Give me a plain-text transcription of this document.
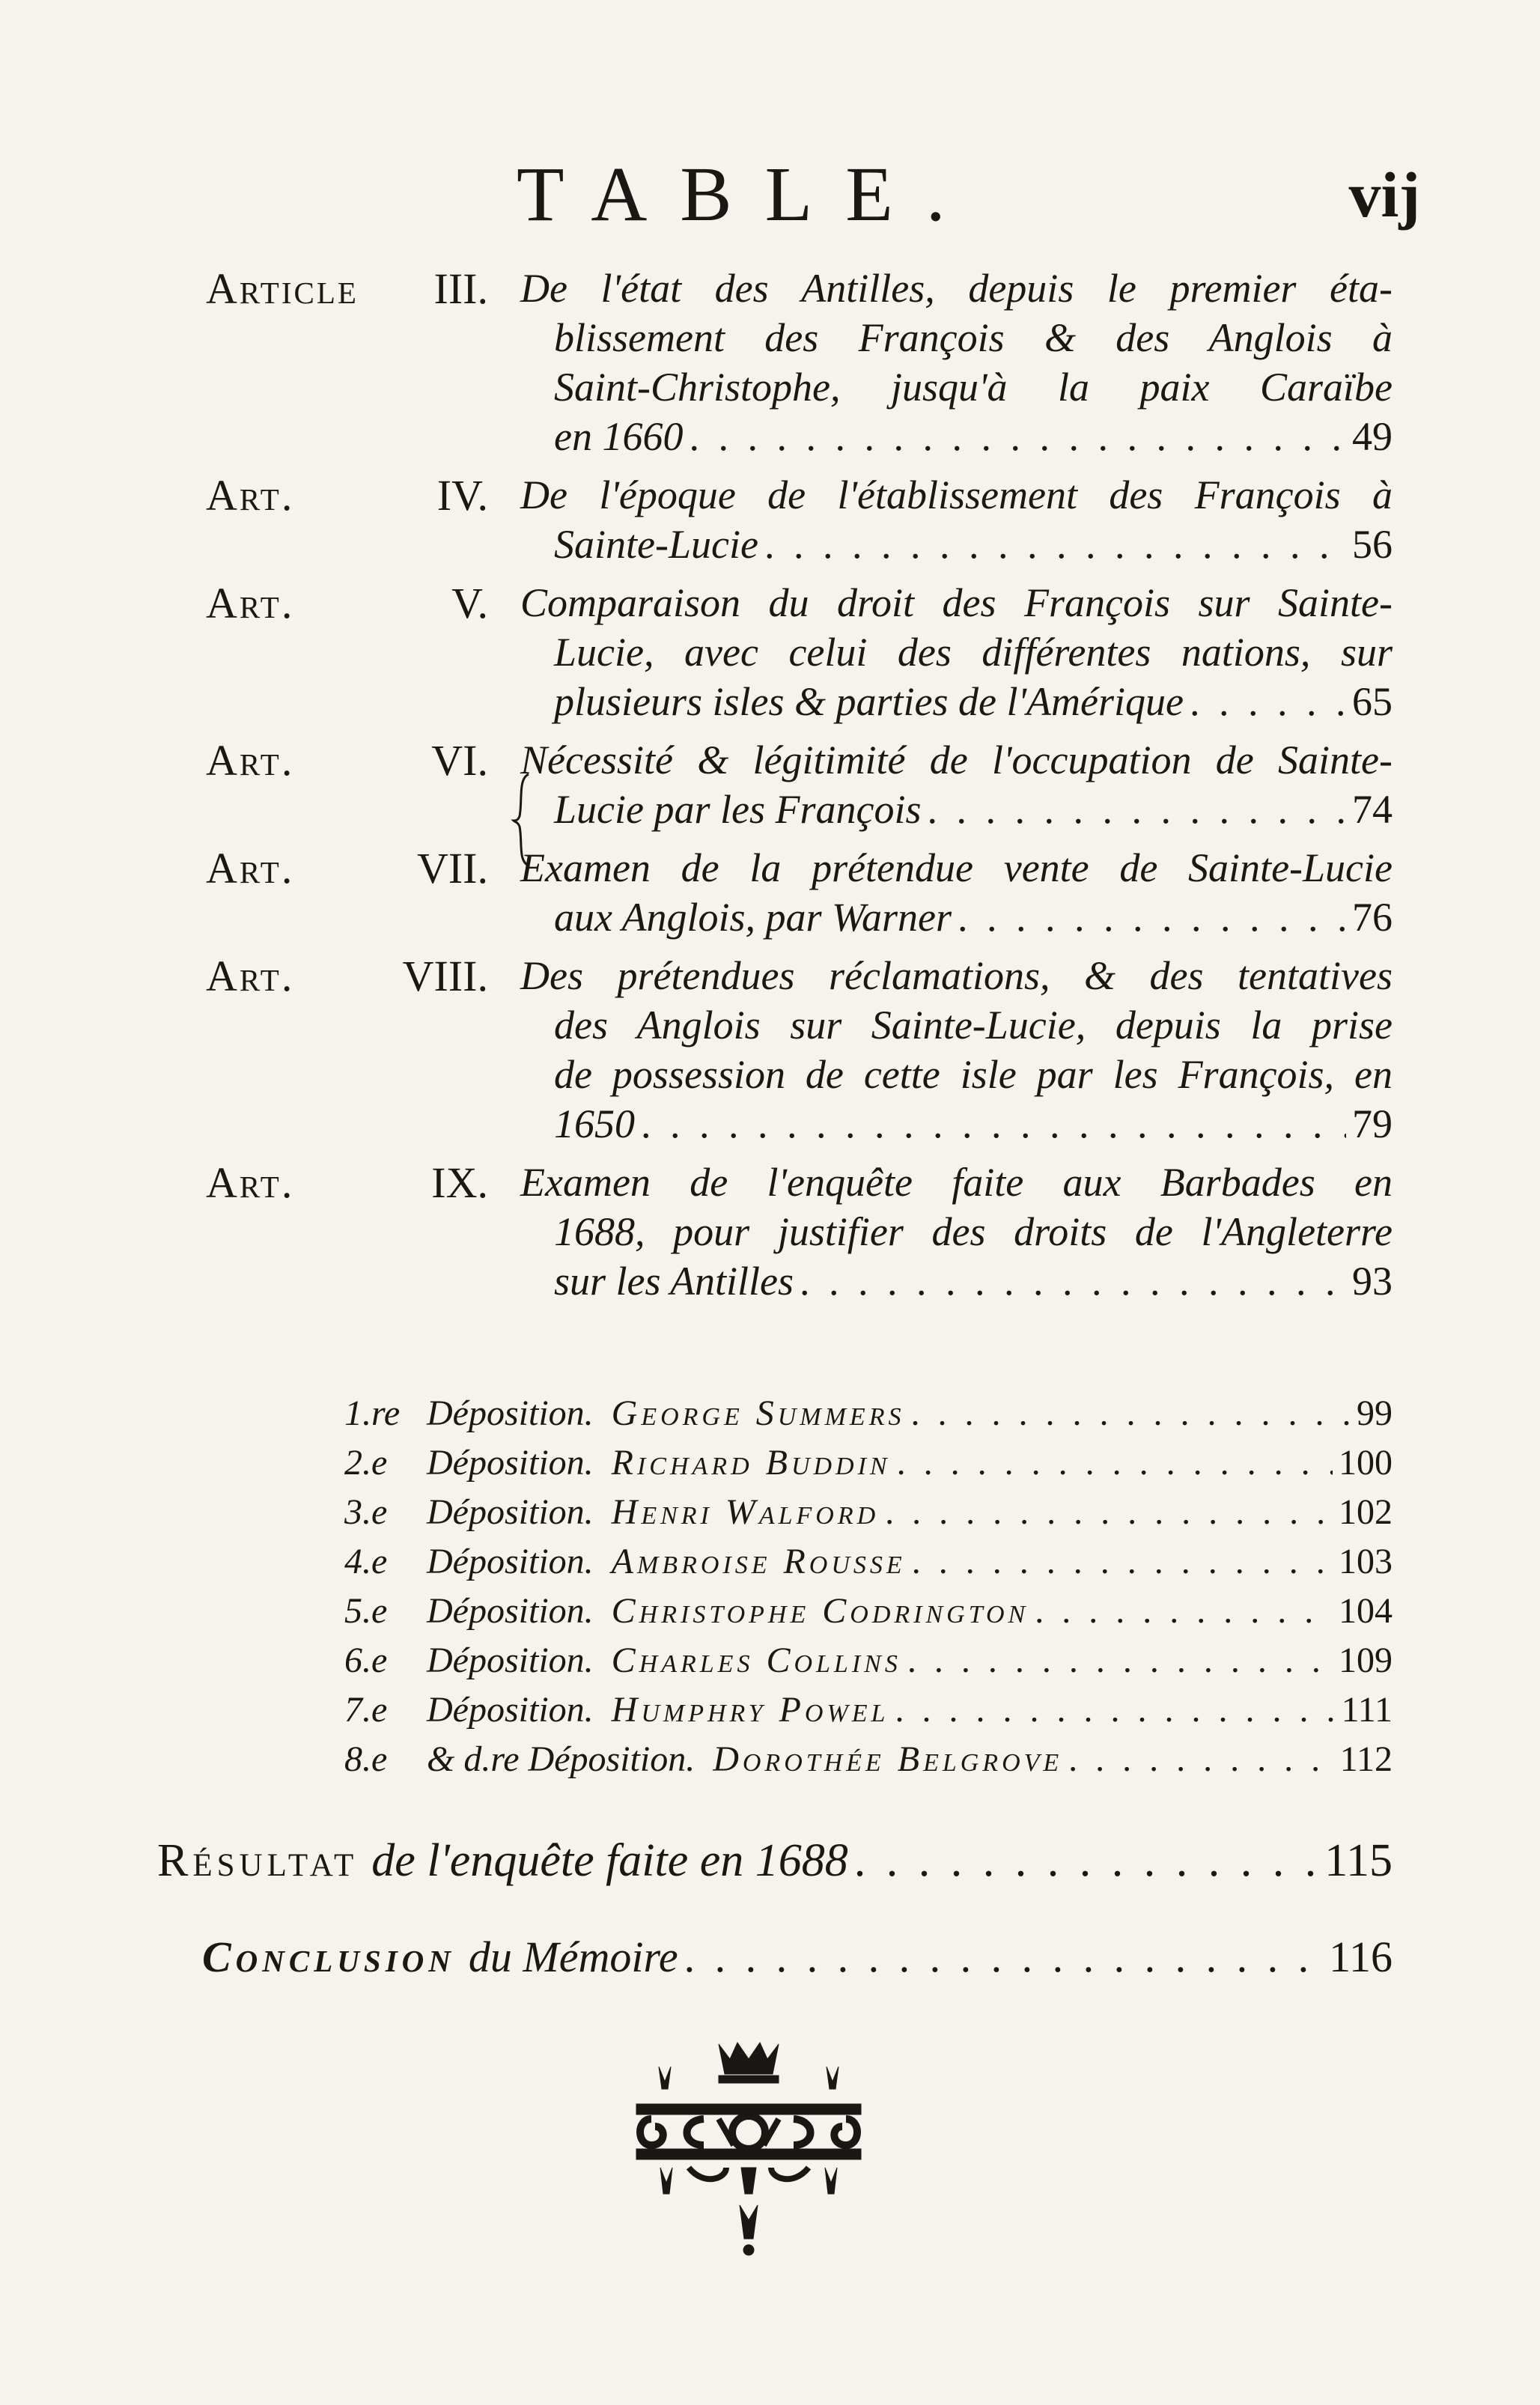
TABLE.	vij
Article III. De l'état des Antilles, depuis le premier éta-
blissement des François & des Anglois à
Saint-Christophe, jusqu'à la paix Caraïbe
en 1660 . . .	49
Art.	IV. De l'époque de l'établissement des François à
Sainte-Lucie . . .	56
Art.	V. Comparaison du droit des François sur Sainte-
Lucie, avec celui des différentes nations, sur
plusieurs isles & parties de l'Amérique . . .	65
Art.	VI. Nécessité & légitimité de l'occupation de Sainte-
Lucie par les François . . .	74
Art.	VII. Examen de la prétendue vente de Sainte-Lucie
aux Anglois, par Warner . . .	76
Art. VIII. Des prétendues réclamations, & des tentatives
des Anglois sur Sainte-Lucie, depuis la prise
de possession de cette isle par les François, en
1650 . . .	79
Art.	IX. Examen de l'enquête faite aux Barbades en
1688, pour justifier des droits de l'Angleterre
sur les Antilles . . .	93
1.re Déposition. George Summers . . .	99
2.e	Déposition. Richard Buddin . . .	100
3.e	Déposition. Henri Walford . . .	102
4.e	Déposition. Ambroise Rousse . . .	103
5.e	Déposition. Christophe Codrington . . .	104
6.e	Déposition. Charles Collins . . .	109
7.e	Déposition. Humphry Powel . . .	111
8.e	& d.re Déposition. Dorothée Belgrove . . .	112
Résultat de l'enquête faite en 1688 . . .	115
Conclusion du Mémoire . . .	116
